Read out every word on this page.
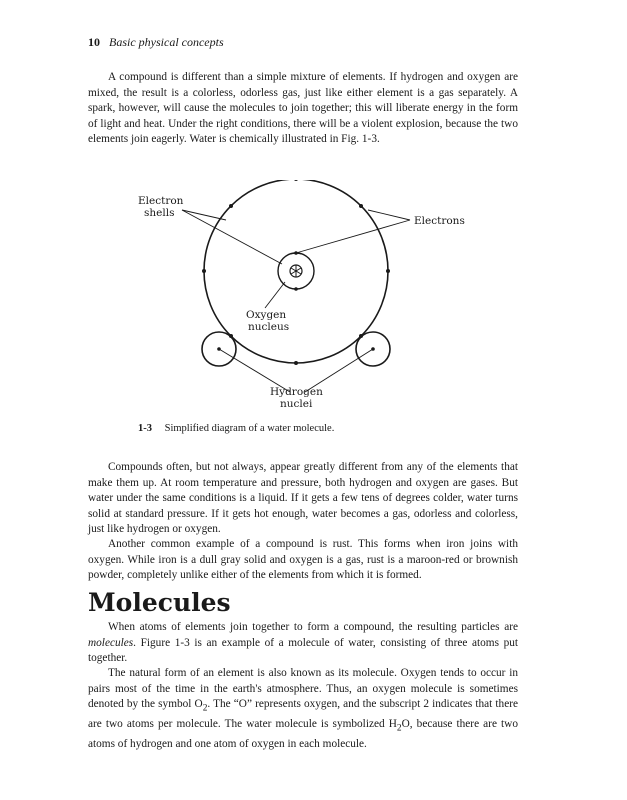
10 Basic physical concepts

A compound is different than a simple mixture of elements. If hydrogen and oxygen are mixed, the result is a colorless, odorless gas, just like either element is a gas separately. A spark, however, will cause the molecules to join together; this will liberate energy in the form of light and heat. Under the right conditions, there will be a violent explosion, because the two elements join eagerly. Water is chemically illustrated in Fig. 1-3.

Electron
shells
Electrons
Oxygen
nucleus
Hydrogen
nuclei
1-3 Simplified diagram of a water molecule.

Compounds often, but not always, appear greatly different from any of the elements that make them up. At room temperature and pressure, both hydrogen and oxygen are gases. But water under the same conditions is a liquid. If it gets a few tens of degrees colder, water turns solid at standard pressure. If it gets hot enough, water becomes a gas, odorless and colorless, just like hydrogen or oxygen.

Another common example of a compound is rust. This forms when iron joins with oxygen. While iron is a dull gray solid and oxygen is a gas, rust is a maroon-red or brownish powder, completely unlike either of the elements from which it is formed.

Molecules

When atoms of elements join together to form a compound, the resulting particles are molecules. Figure 1-3 is an example of a molecule of water, consisting of three atoms put together.

The natural form of an element is also known as its molecule. Oxygen tends to occur in pairs most of the time in the earth's atmosphere. Thus, an oxygen molecule is sometimes denoted by the symbol $O_2$. The “O” represents oxygen, and the subscript 2 indicates that there are two atoms per molecule. The water molecule is symbolized $H_2O$, because there are two atoms of hydrogen and one atom of oxygen in each molecule.
